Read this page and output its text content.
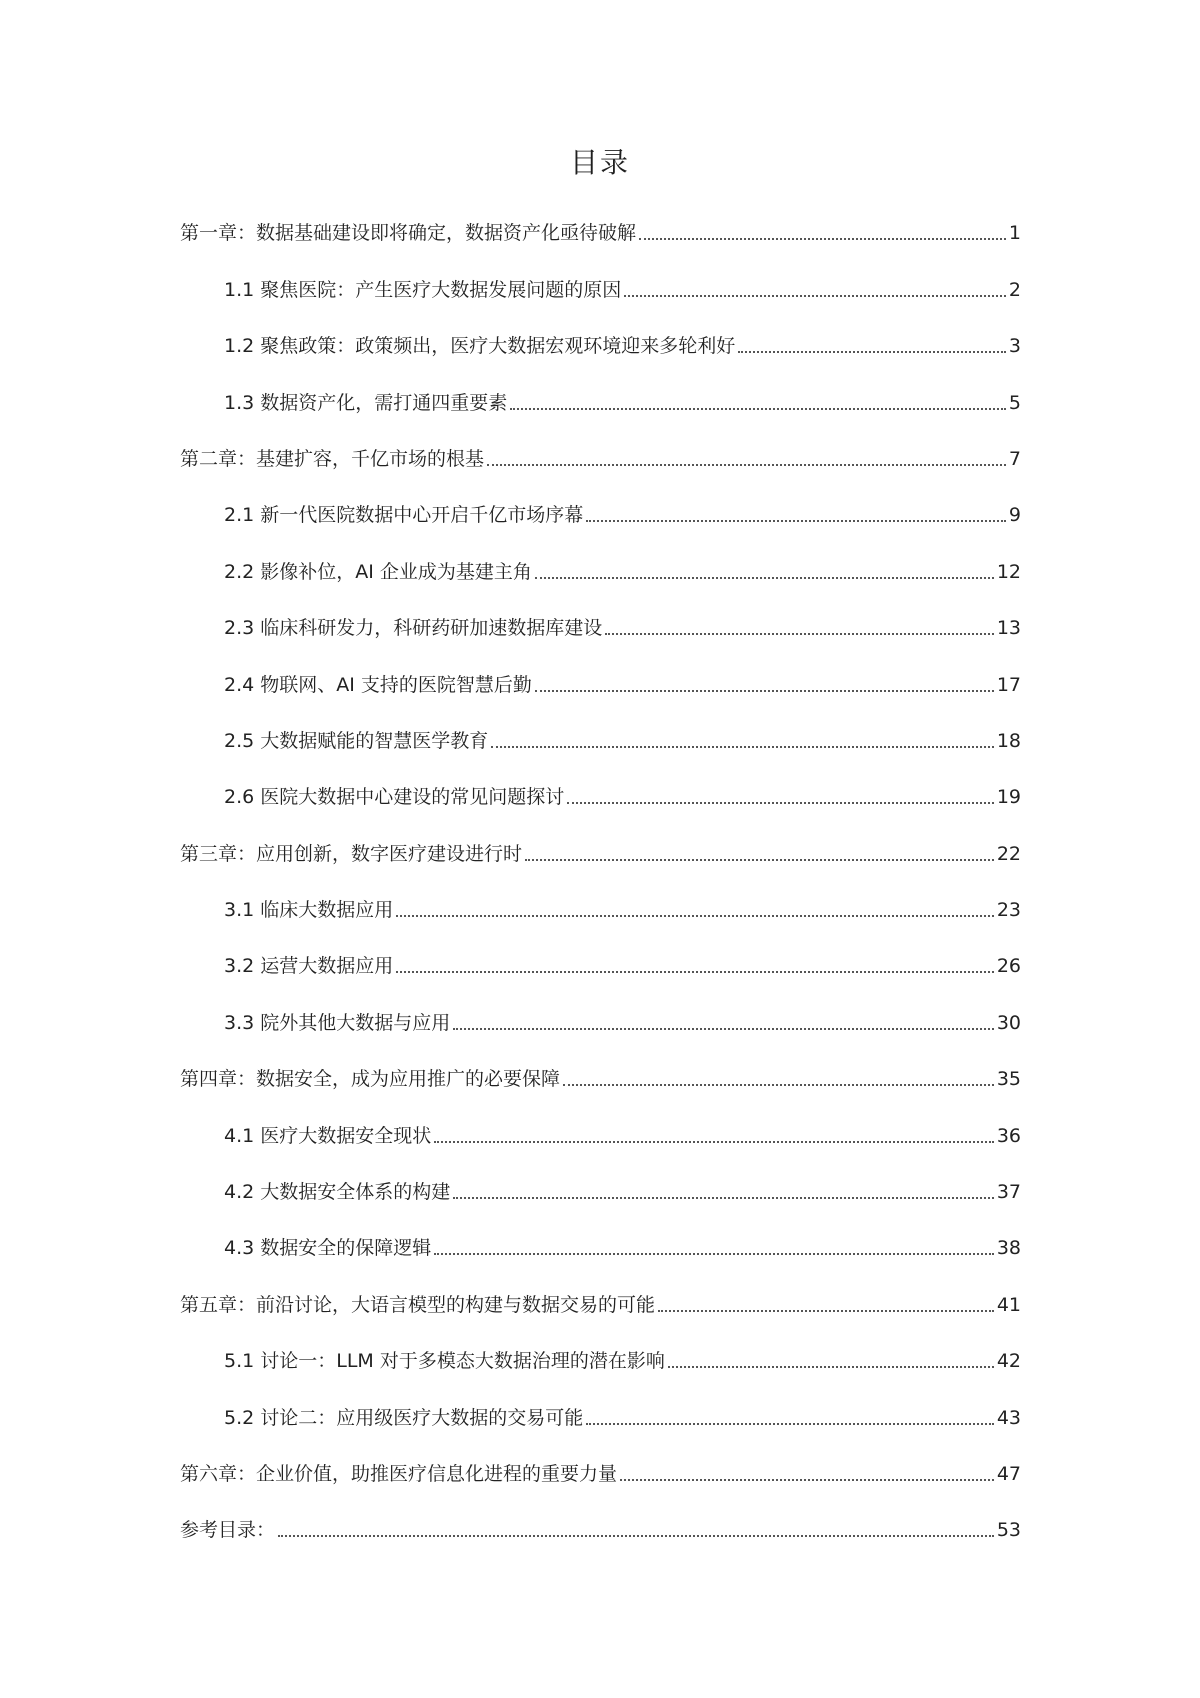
目录
第一章：数据基础建设即将确定，数据资产化亟待破解	1
1.1 聚焦医院：产生医疗大数据发展问题的原因	2
1.2 聚焦政策：政策频出，医疗大数据宏观环境迎来多轮利好	3
1.3 数据资产化，需打通四重要素	5
第二章：基建扩容，千亿市场的根基	7
2.1 新一代医院数据中心开启千亿市场序幕	9
2.2 影像补位，AI 企业成为基建主角	12
2.3 临床科研发力，科研药研加速数据库建设	13
2.4 物联网、AI 支持的医院智慧后勤	17
2.5 大数据赋能的智慧医学教育	18
2.6 医院大数据中心建设的常见问题探讨	19
第三章：应用创新，数字医疗建设进行时	22
3.1 临床大数据应用	23
3.2 运营大数据应用	26
3.3 院外其他大数据与应用	30
第四章：数据安全，成为应用推广的必要保障	35
4.1 医疗大数据安全现状	36
4.2 大数据安全体系的构建	37
4.3 数据安全的保障逻辑	38
第五章：前沿讨论，大语言模型的构建与数据交易的可能	41
5.1 讨论一：LLM 对于多模态大数据治理的潜在影响	42
5.2 讨论二：应用级医疗大数据的交易可能	43
第六章：企业价值，助推医疗信息化进程的重要力量	47
参考目录：	53
